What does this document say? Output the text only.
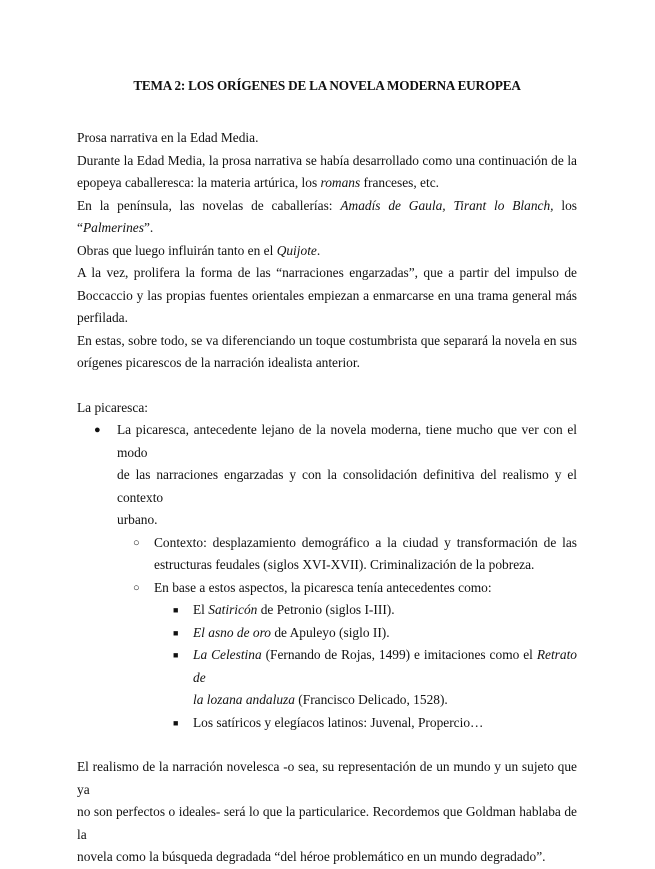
TEMA 2: LOS ORÍGENES DE LA NOVELA MODERNA EUROPEA
Prosa narrativa en la Edad Media.
Durante la Edad Media, la prosa narrativa se había desarrollado como una continuación de la
epopeya caballeresca: la materia artúrica, los romans franceses, etc.
En la península, las novelas de caballerías: Amadís de Gaula, Tirant lo Blanch, los “Palmerines”.
Obras que luego influirán tanto en el Quijote.
A la vez, prolifera la forma de las “narraciones engarzadas”, que a partir del impulso de
Boccaccio y las propias fuentes orientales empiezan a enmarcarse en una trama general más
perfilada.
En estas, sobre todo, se va diferenciando un toque costumbrista que separará la novela en sus
orígenes picarescos de la narración idealista anterior.
La picaresca:
● La picaresca, antecedente lejano de la novela moderna, tiene mucho que ver con el modo
de las narraciones engarzadas y con la consolidación definitiva del realismo y el contexto
urbano.
○ Contexto: desplazamiento demográfico a la ciudad y transformación de las
estructuras feudales (siglos XVI-XVII). Criminalización de la pobreza.
○ En base a estos aspectos, la picaresca tenía antecedentes como:
■ El Satiricón de Petronio (siglos I-III).
■ El asno de oro de Apuleyo (siglo II).
■ La Celestina (Fernando de Rojas, 1499) e imitaciones como el Retrato de
la lozana andaluza (Francisco Delicado, 1528).
■ Los satíricos y elegíacos latinos: Juvenal, Propercio…
El realismo de la narración novelesca -o sea, su representación de un mundo y un sujeto que ya
no son perfectos o ideales- será lo que la particularice. Recordemos que Goldman hablaba de la
novela como la búsqueda degradada “del héroe problemático en un mundo degradado”.
